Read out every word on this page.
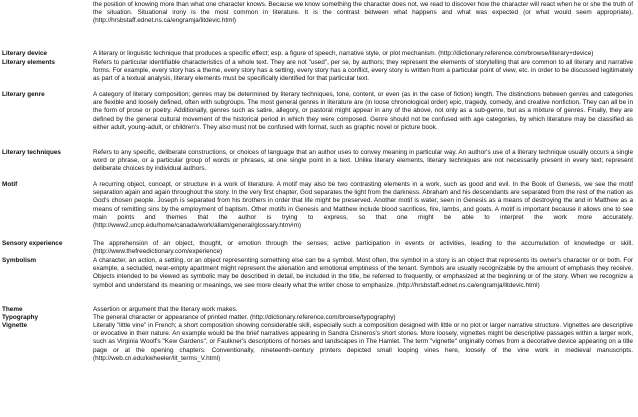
the position of knowing more than what one character knows. Because we know something the character does not, we read to discover how the character will react when he or she the truth of the situation. Situational irony is the most common in literature. It is the contrast between what happens and what was expected (or what would seem appropriate). (http://hrsbstaff.ednet.ns.ca/engramja/litdevic.html)
Literary device	A literary or linguistic technique that produces a specific effect; esp. a figure of speech, narrative style, or plot mechanism. (http://dictionary.reference.com/browse/literary+device)
Literary elements	Refers to particular identifiable characteristics of a whole text. They are not "used", per se, by authors; they represent the elements of storytelling that are common to all literary and narrative forms. For example, every story has a theme, every story has a setting, every story has a conflict, every story is written from a particular point of view, etc. in order to be discussed legitimately as part of a textual analysis, literary elements must be specifically identified for that particular text.
Literary genre	A category of literary composition; genres may be determined by literary techniques, tone, content, or even (as in the case of fiction) length. The distinctions between genres and categories are flexible and loosely defined, often with subgroups. The most general genres in literature are (in loose chronological order) epic, tragedy, comedy, and creative nonfiction. They can all be in the form of prose or poetry. Additionally, genres such as satire, allegory, or pastoral might appear in any of the above, not only as a sub-genre, but as a mixture of genres. Finally, they are defined by the general cultural movement of the historical period in which they were composed. Genre should not be confused with age categories, by which literature may be classified as either adult, young-adult, or children's. They also must not be confused with format, such as graphic novel or picture book.
Literary techniques	Refers to any specific, deliberate constructions, or choices of language that an author uses to convey meaning in particular way. An author's use of a literary technique usually occurs a single word or phrase, or a particular group of words or phrases, at one single point in a text. Unlike literary elements, literary techniques are not necessarily present in every text; represent deliberate choices by individual authors.
Motif	A recurring object, concept, or structure in a work of literature. A motif may also be two contrasting elements in a work, such as good and evil. In the Book of Genesis, we see the motif separation again and again throughout the story. In the very first chapter, God separates the light from the darkness. Abraham and his descendants are separated from the rest of the nation as God's chosen people. Joseph is separated from his brothers in order that life might be preserved. Another motif is water, seen in Genesis as a means of destroying the and in Matthew as a means of remitting sins by the employment of baptism. Other motifs in Genesis and Matthew include blood sacrifices, fire, lambs, and goats. A motif is important because it allows one to see main points and themes that the author is trying to express, so that one might be able to interpret the work more accurately. (http://www2.uncp.edu/home/canada/work/allam/general/glossary.htm#m)
Sensory experience	The apprehension of an object, thought, or emotion through the senses; active participation in events or activities, leading to the accumulation of knowledge or skill. (http://www.thefreedictionary.com/experience)
Symbolism	A character, an action, a setting, or an object representing something else can be a symbol. Most often, the symbol in a story is an object that represents its owner's character or or both. For example, a secluded, near-empty apartment might represent the alienation and emotional emptiness of the tenant. Symbols are usually recognizable by the amount of emphasis they receive. Objects intended to be viewed as symbolic may be described in detail, be included in the title, be referred to frequently, or emphasized at the beginning or of the story. When we recognize a symbol and understand its meaning or meanings, we see more clearly what the writer chose to emphasize. (http://hrsbstaff.ednet.ns.ca/engramja/litdevic.html)
Theme	Assertion or argument that the literary work makes.
Typography	The general character or appearance of printed matter. (http://dictionary.reference.com/browse/typography)
Vignette	Literally "little vine" in French; a short composition showing considerable skill, especially such a composition designed with little or no plot or larger narrative structure. Vignettes are descriptive or evocative in their nature. An example would be the brief narratives appearing in Sandra Cisneros's short stories. More loosely, vignettes might be descriptive passages within a larger work, such as Virginia Woolf's "Kew Gardens", or Faulkner's descriptions of horses and landscapes in The Hamlet. The term "vignette" originally comes from a decorative device appearing on a title page or at the opening chapters. Conventionally, nineteenth-century printers depicted small looping vines here, loosely of the vine work in medieval manuscripts. (http://web.cn.edu/kwheeler/lit_terms_V.html)
